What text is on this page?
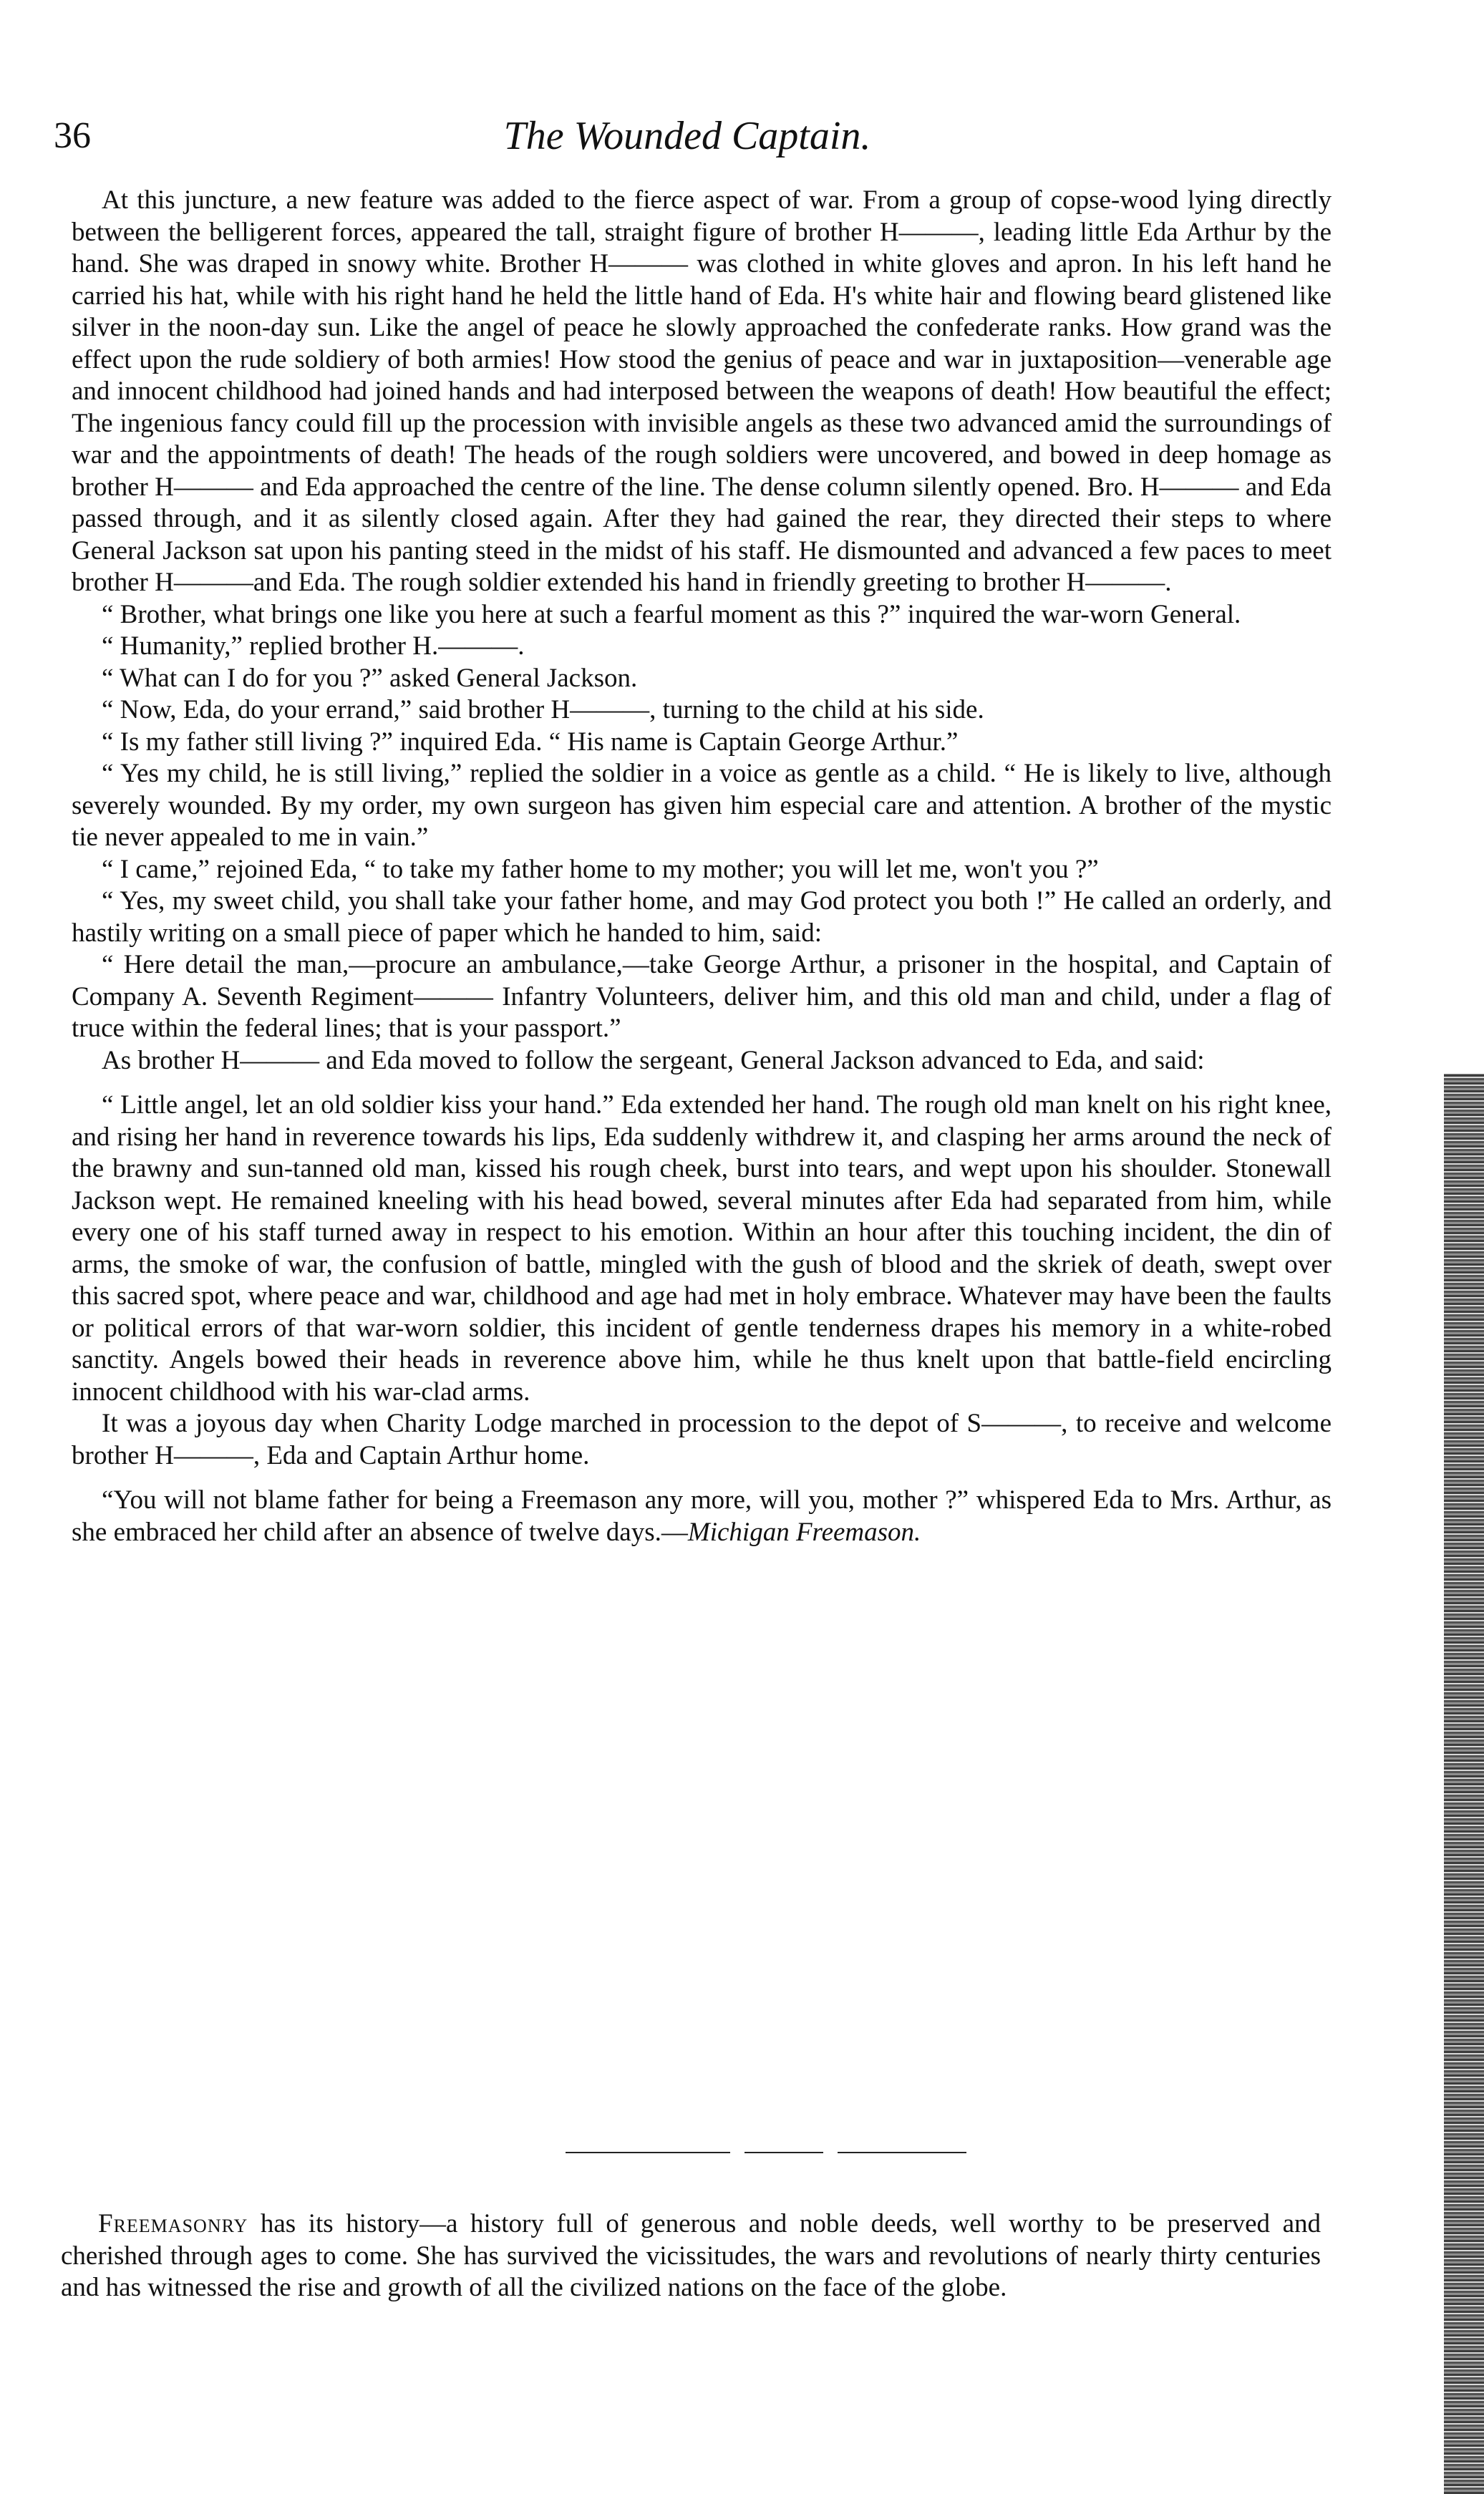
36	The Wounded Captain.

At this juncture, a new feature was added to the fierce aspect of war. From a group of copse-wood lying directly between the belligerent forces, appeared the tall, straight figure of brother H———, leading little Eda Arthur by the hand. She was draped in snowy white. Brother H——— was clothed in white gloves and apron. In his left hand he carried his hat, while with his right hand he held the little hand of Eda. H's white hair and flowing beard glistened like silver in the noon-day sun. Like the angel of peace he slowly approached the confederate ranks. How grand was the effect upon the rude soldiery of both armies! How stood the genius of peace and war in juxtaposition—venerable age and innocent childhood had joined hands and had interposed between the weapons of death! How beautiful the effect; The ingenious fancy could fill up the procession with invisible angels as these two advanced amid the surroundings of war and the appointments of death! The heads of the rough soldiers were uncovered, and bowed in deep homage as brother H——— and Eda approached the centre of the line. The dense column silently opened. Bro. H——— and Eda passed through, and it as silently closed again. After they had gained the rear, they directed their steps to where General Jackson sat upon his panting steed in the midst of his staff. He dismounted and advanced a few paces to meet brother H———and Eda. The rough soldier extended his hand in friendly greeting to brother H———.

“ Brother, what brings one like you here at such a fearful moment as this ?” inquired the war-worn General.

“ Humanity,” replied brother H.———.

“ What can I do for you ?” asked General Jackson.

“ Now, Eda, do your errand,” said brother H———, turning to the child at his side.

“ Is my father still living ?” inquired Eda. “ His name is Captain George Arthur.”

“ Yes my child, he is still living,” replied the soldier in a voice as gentle as a child. “ He is likely to live, although severely wounded. By my order, my own surgeon has given him especial care and attention. A brother of the mystic tie never appealed to me in vain.”

“ I came,” rejoined Eda, “ to take my father home to my mother; you will let me, won't you ?”

“ Yes, my sweet child, you shall take your father home, and may God protect you both !” He called an orderly, and hastily writing on a small piece of paper which he handed to him, said:

“ Here detail the man,—procure an ambulance,—take George Arthur, a prisoner in the hospital, and Captain of Company A. Seventh Regiment——— Infantry Volunteers, deliver him, and this old man and child, under a flag of truce within the federal lines; that is your passport.”

As brother H——— and Eda moved to follow the sergeant, General Jackson advanced to Eda, and said:

“ Little angel, let an old soldier kiss your hand.” Eda extended her hand. The rough old man knelt on his right knee, and rising her hand in reverence towards his lips, Eda suddenly withdrew it, and clasping her arms around the neck of the brawny and sun-tanned old man, kissed his rough cheek, burst into tears, and wept upon his shoulder. Stonewall Jackson wept. He remained kneeling with his head bowed, several minutes after Eda had separated from him, while every one of his staff turned away in respect to his emotion. Within an hour after this touching incident, the din of arms, the smoke of war, the confusion of battle, mingled with the gush of blood and the skriek of death, swept over this sacred spot, where peace and war, childhood and age had met in holy embrace. Whatever may have been the faults or political errors of that war-worn soldier, this incident of gentle tenderness drapes his memory in a white-robed sanctity. Angels bowed their heads in reverence above him, while he thus knelt upon that battle-field encircling innocent childhood with his war-clad arms.

It was a joyous day when Charity Lodge marched in procession to the depot of S———, to receive and welcome brother H———, Eda and Captain Arthur home.

“You will not blame father for being a Freemason any more, will you, mother ?” whispered Eda to Mrs. Arthur, as she embraced her child after an absence of twelve days.—Michigan Freemason.

Freemasonry has its history—a history full of generous and noble deeds, well worthy to be preserved and cherished through ages to come. She has survived the vicissitudes, the wars and revolutions of nearly thirty centuries and has witnessed the rise and growth of all the civilized nations on the face of the globe.
